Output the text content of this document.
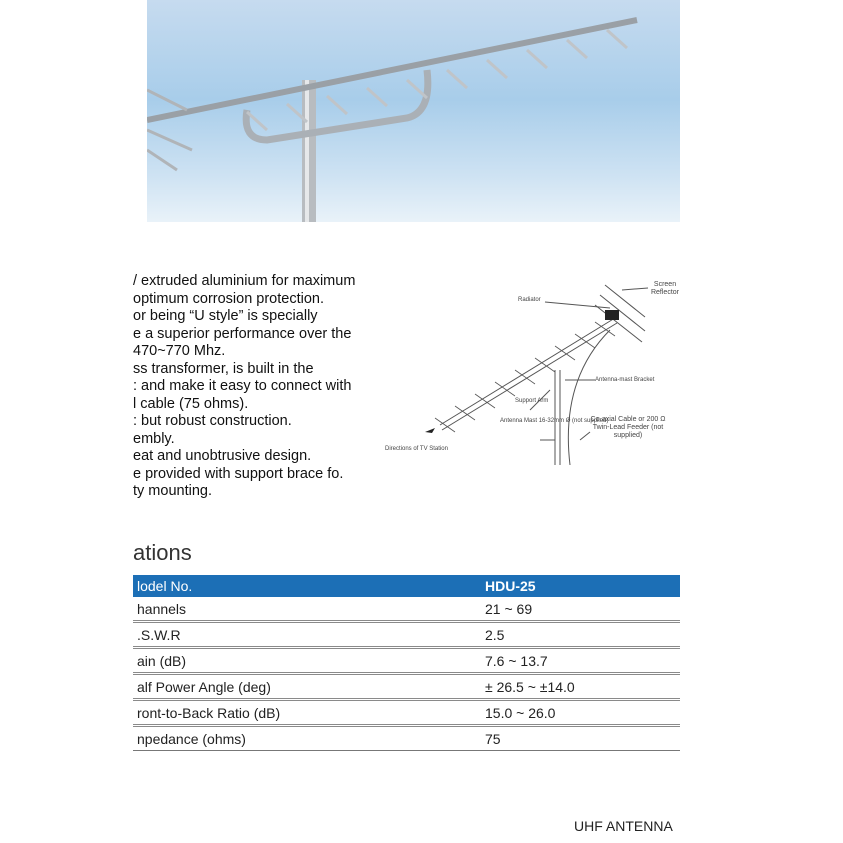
/ extruded aluminium for maximum
optimum corrosion protection.
or being “U style” is specially
e a superior performance over the
470~770 Mhz.
ss transformer, is built in the
: and make it easy to connect with
l cable (75 ohms).
: but robust construction.
embly.
eat and unobtrusive design.
e provided with support brace fo.
ty mounting.
Radiator
Antenna-mast Bracket
Support Arm
Antenna Mast 16-32mm Ø (not supplied)
Directions of TV Station
Screen Reflector
Co-axial Cable or 200 Ω Twin-Lead Feeder (not supplied)
ations
lodel No.	HDU-25
hannels	21 ~ 69
.S.W.R	2.5
ain (dB)	7.6 ~ 13.7
alf Power Angle (deg)	± 26.5 ~ ±14.0
ront-to-Back Ratio (dB)	15.0 ~ 26.0
npedance (ohms)	75
UHF ANTENNA
